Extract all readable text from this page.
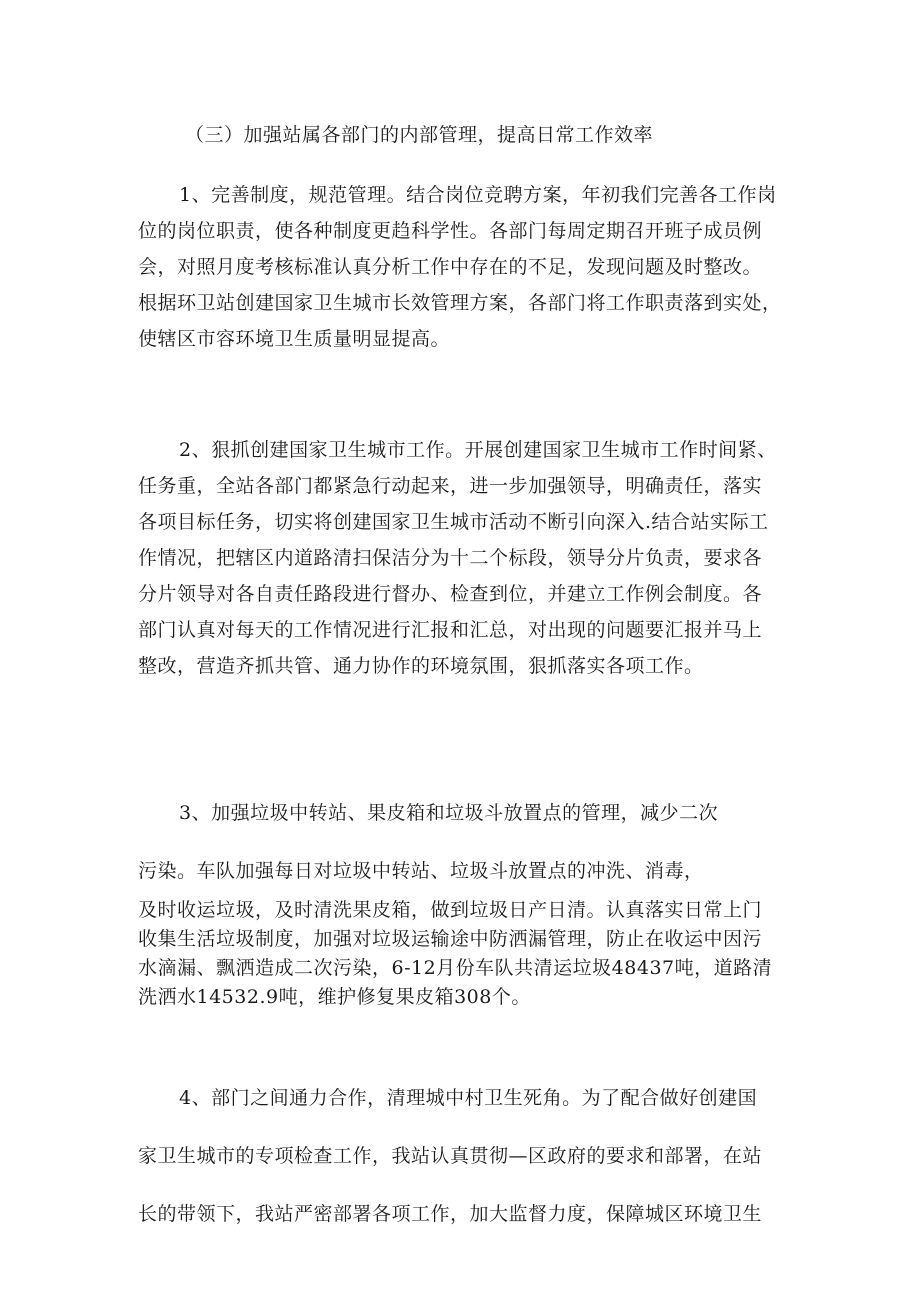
（三）加强站属各部门的内部管理，提高日常工作效率
1、完善制度，规范管理。结合岗位竞聘方案，年初我们完善各工作岗
位的岗位职责，使各种制度更趋科学性。各部门每周定期召开班子成员例
会，对照月度考核标准认真分析工作中存在的不足，发现问题及时整改。
根据环卫站创建国家卫生城市长效管理方案，各部门将工作职责落到实处，
使辖区市容环境卫生质量明显提高。
2、狠抓创建国家卫生城市工作。开展创建国家卫生城市工作时间紧、
任务重，全站各部门都紧急行动起来，进一步加强领导，明确责任，落实
各项目标任务，切实将创建国家卫生城市活动不断引向深入.结合站实际工
作情况，把辖区内道路清扫保洁分为十二个标段，领导分片负责，要求各
分片领导对各自责任路段进行督办、检查到位，并建立工作例会制度。各
部门认真对每天的工作情况进行汇报和汇总，对出现的问题要汇报并马上
整改，营造齐抓共管、通力协作的环境氛围，狠抓落实各项工作。
3、加强垃圾中转站、果皮箱和垃圾斗放置点的管理，减少二次
污染。车队加强每日对垃圾中转站、垃圾斗放置点的冲洗、消毒，
及时收运垃圾，及时清洗果皮箱，做到垃圾日产日清。认真落实日常上门
收集生活垃圾制度，加强对垃圾运输途中防洒漏管理，防止在收运中因污
水滴漏、飘洒造成二次污染，6-12月份车队共清运垃圾48437吨，道路清
洗洒水14532.9吨，维护修复果皮箱308个。
4、部门之间通力合作，清理城中村卫生死角。为了配合做好创建国
家卫生城市的专项检查工作，我站认真贯彻—区政府的要求和部署，在站
长的带领下，我站严密部署各项工作，加大监督力度，保障城区环境卫生
